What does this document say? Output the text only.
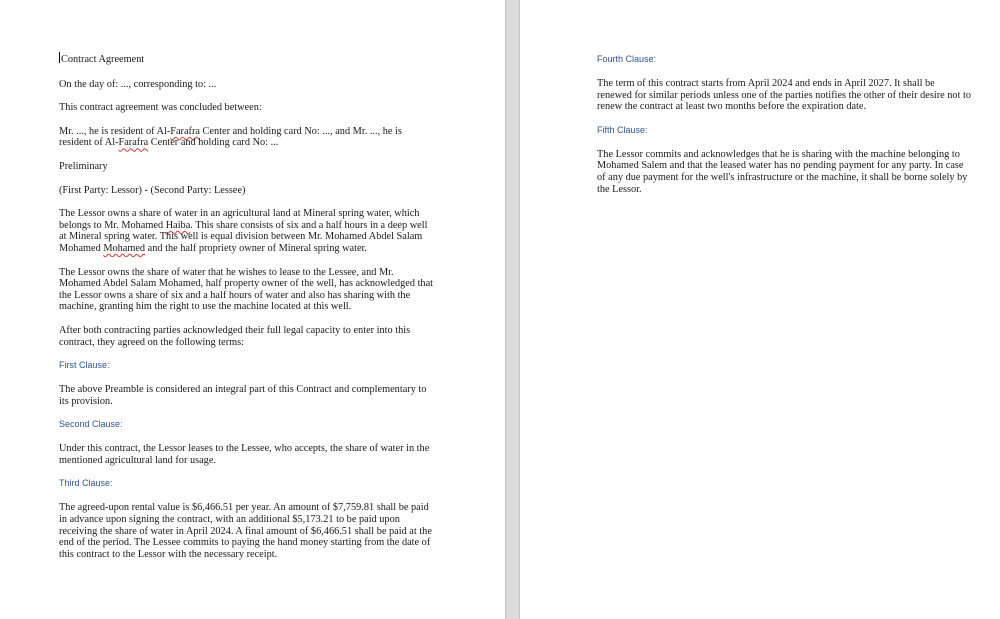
Contract Agreement

On the day of: ..., corresponding to: ...

This contract agreement was concluded between:

Mr. ..., he is resident of Al-Farafra Center and holding card No: ..., and Mr. ..., he is resident of Al-Farafra Center and holding card No: ...

Preliminary

(First Party: Lessor) - (Second Party: Lessee)

The Lessor owns a share of water in an agricultural land at Mineral spring water, which belongs to Mr. Mohamed Haiba. This share consists of six and a half hours in a deep well at Mineral spring water. This well is equal division between Mr. Mohamed Abdel Salam Mohamed Mohamed and the half propriety owner of Mineral spring water.

The Lessor owns the share of water that he wishes to lease to the Lessee, and Mr. Mohamed Abdel Salam Mohamed, half property owner of the well, has acknowledged that the Lessor owns a share of six and a half hours of water and also has sharing with the machine, granting him the right to use the machine located at this well.

After both contracting parties acknowledged their full legal capacity to enter into this contract, they agreed on the following terms:

First Clause:

The above Preamble is considered an integral part of this Contract and complementary to its provision.

Second Clause:

Under this contract, the Lessor leases to the Lessee, who accepts, the share of water in the mentioned agricultural land for usage.

Third Clause:

The agreed-upon rental value is $6,466.51 per year. An amount of $7,759.81 shall be paid in advance upon signing the contract, with an additional $5,173.21 to be paid upon receiving the share of water in April 2024. A final amount of $6,466.51 shall be paid at the end of the period. The Lessee commits to paying the hand money starting from the date of this contract to the Lessor with the necessary receipt.

Fourth Clause:

The term of this contract starts from April 2024 and ends in April 2027. It shall be renewed for similar periods unless one of the parties notifies the other of their desire not to renew the contract at least two months before the expiration date.

Fifth Clause:

The Lessor commits and acknowledges that he is sharing with the machine belonging to Mohamed Salem and that the leased water has no pending payment for any party. In case of any due payment for the well's infrastructure or the machine, it shall be borne solely by the Lessor.
